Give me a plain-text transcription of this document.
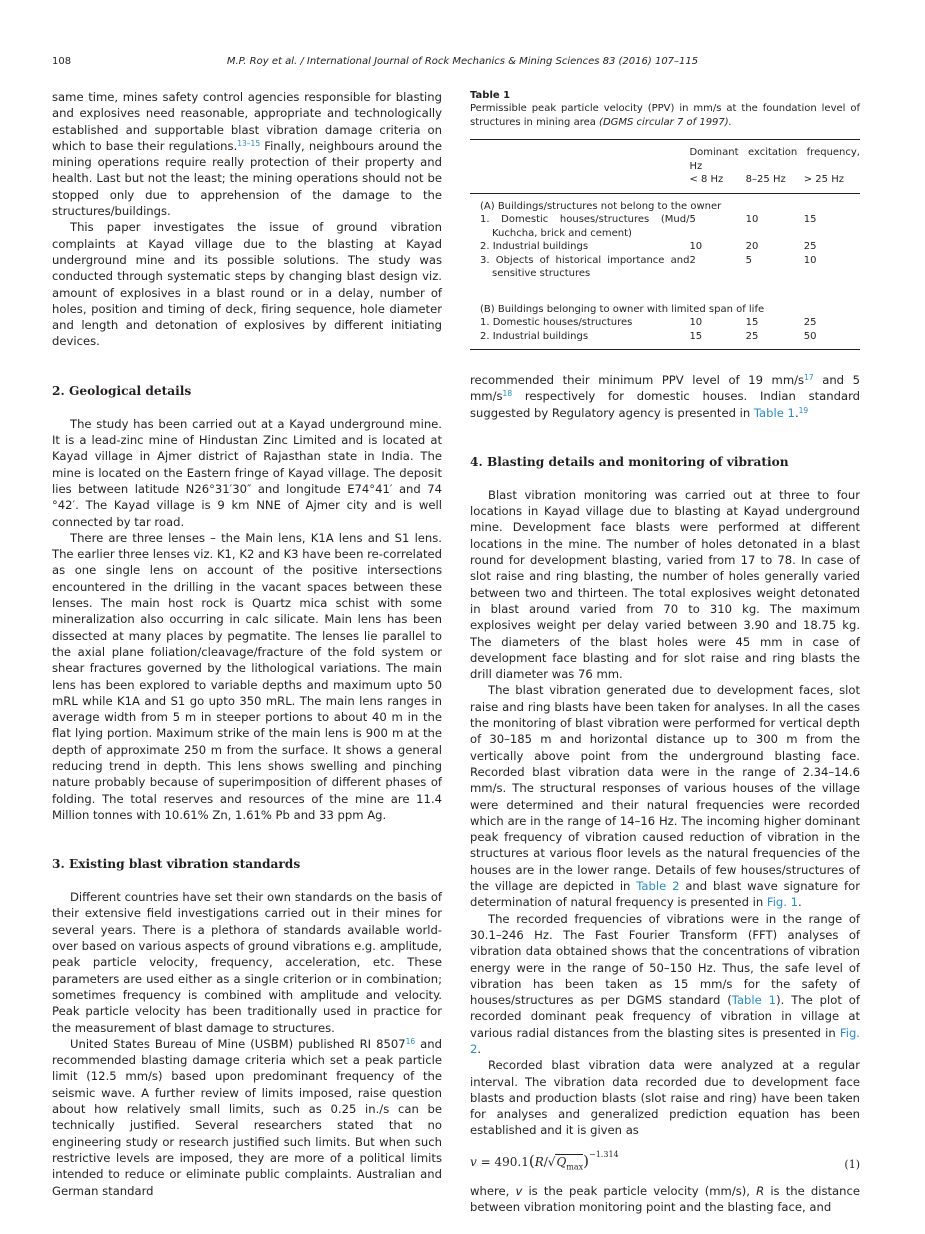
108	M.P. Roy et al. / International Journal of Rock Mechanics & Mining Sciences 83 (2016) 107–115

same time, mines safety control agencies responsible for blasting and explosives need reasonable, appropriate and technologically established and supportable blast vibration damage criteria on which to base their regulations.$^{13-15}$ Finally, neighbours around the mining operations require really protection of their property and health. Last but not the least; the mining operations should not be stopped only due to apprehension of the damage to the structures/buildings.

This paper investigates the issue of ground vibration complaints at Kayad village due to the blasting at Kayad underground mine and its possible solutions. The study was conducted through systematic steps by changing blast design viz. amount of explosives in a blast round or in a delay, number of holes, position and timing of deck, firing sequence, hole diameter and length and detonation of explosives by different initiating devices.

2. Geological details

The study has been carried out at a Kayad underground mine. It is a lead-zinc mine of Hindustan Zinc Limited and is located at Kayad village in Ajmer district of Rajasthan state in India. The mine is located on the Eastern fringe of Kayad village. The deposit lies between latitude N26°31′30″ and longitude E74°41′ and 74 °42′. The Kayad village is 9 km NNE of Ajmer city and is well connected by tar road.

There are three lenses – the Main lens, K1A lens and S1 lens. The earlier three lenses viz. K1, K2 and K3 have been re-correlated as one single lens on account of the positive intersections encountered in the drilling in the vacant spaces between these lenses. The main host rock is Quartz mica schist with some mineralization also occurring in calc silicate. Main lens has been dissected at many places by pegmatite. The lenses lie parallel to the axial plane foliation/cleavage/fracture of the fold system or shear fractures governed by the lithological variations. The main lens has been explored to variable depths and maximum upto 50 mRL while K1A and S1 go upto 350 mRL. The main lens ranges in average width from 5 m in steeper portions to about 40 m in the flat lying portion. Maximum strike of the main lens is 900 m at the depth of approximate 250 m from the surface. It shows a general reducing trend in depth. This lens shows swelling and pinching nature probably because of superimposition of different phases of folding. The total reserves and resources of the mine are 11.4 Million tonnes with 10.61% Zn, 1.61% Pb and 33 ppm Ag.

3. Existing blast vibration standards

Different countries have set their own standards on the basis of their extensive field investigations carried out in their mines for several years. There is a plethora of standards available world-over based on various aspects of ground vibrations e.g. amplitude, peak particle velocity, frequency, acceleration, etc. These parameters are used either as a single criterion or in combination; sometimes frequency is combined with amplitude and velocity. Peak particle velocity has been traditionally used in practice for the measurement of blast damage to structures.

United States Bureau of Mine (USBM) published RI 8507$^{16}$ and recommended blasting damage criteria which set a peak particle limit (12.5 mm/s) based upon predominant frequency of the seismic wave. A further review of limits imposed, raise question about how relatively small limits, such as 0.25 in./s can be technically justified. Several researchers stated that no engineering study or research justified such limits. But when such restrictive levels are imposed, they are more of a political limits intended to reduce or eliminate public complaints. Australian and German standard

Table 1
Permissible peak particle velocity (PPV) in mm/s at the foundation level of structures in mining area (DGMS circular 7 of 1997).
	Dominant excitation frequency, Hz		
	< 8 Hz	8–25 Hz	> 25 Hz
(A) Buildings/structures not belong to the owner			
1. Domestic houses/structures (Mud/ Kuchcha, brick and cement)	5	10	15
2. Industrial buildings	10	20	25
3. Objects of historical importance and sensitive structures	2	5	10
(B) Buildings belonging to owner with limited span of life			
1. Domestic houses/structures	10	15	25
2. Industrial buildings	15	25	50

recommended their minimum PPV level of 19 $mm/s^{17}$ and 5 $mm/s^{18}$ respectively for domestic houses. Indian standard suggested by Regulatory agency is presented in Table 1.19

4. Blasting details and monitoring of vibration

Blast vibration monitoring was carried out at three to four locations in Kayad village due to blasting at Kayad underground mine. Development face blasts were performed at different locations in the mine. The number of holes detonated in a blast round for development blasting, varied from 17 to 78. In case of slot raise and ring blasting, the number of holes generally varied between two and thirteen. The total explosives weight detonated in blast around varied from 70 to 310 kg. The maximum explosives weight per delay varied between 3.90 and 18.75 kg. The diameters of the blast holes were 45 mm in case of development face blasting and for slot raise and ring blasts the drill diameter was 76 mm.

The blast vibration generated due to development faces, slot raise and ring blasts have been taken for analyses. In all the cases the monitoring of blast vibration were performed for vertical depth of 30–185 m and horizontal distance up to 300 m from the vertically above point from the underground blasting face. Recorded blast vibration data were in the range of 2.34–14.6 mm/s. The structural responses of various houses of the village were determined and their natural frequencies were recorded which are in the range of 14–16 Hz. The incoming higher dominant peak frequency of vibration caused reduction of vibration in the structures at various floor levels as the natural frequencies of the houses are in the lower range. Details of few houses/structures of the village are depicted in Table 2 and blast wave signature for determination of natural frequency is presented in Fig. 1.

The recorded frequencies of vibrations were in the range of 30.1–246 Hz. The Fast Fourier Transform (FFT) analyses of vibration data obtained shows that the concentrations of vibration energy were in the range of 50–150 Hz. Thus, the safe level of vibration has been taken as 15 mm/s for the safety of houses/structures as per DGMS standard (Table 1). The plot of recorded dominant peak frequency of vibration in village at various radial distances from the blasting sites is presented in Fig. 2.

Recorded blast vibration data were analyzed at a regular interval. The vibration data recorded due to development face blasts and production blasts (slot raise and ring) have been taken for analyses and generalized prediction equation has been established and it is given as

$v = 490.1(R/√Q_{max})^{-1.314}$
(1)

where, v is the peak particle velocity (mm/s), R is the distance between vibration monitoring point and the blasting face, and
